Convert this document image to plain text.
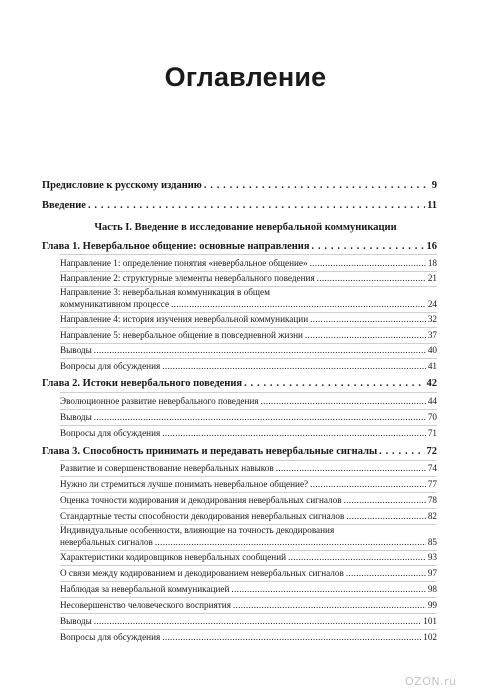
Оглавление
Предисловие к русскому изданию . . .	9
Введение . . .	11
Часть I. Введение в исследование невербальной коммуникации
Глава 1. Невербальное общение: основные направления . . .	16
Направление 1: определение понятия «невербальное общение» .....	18
Направление 2: структурные элементы невербального поведения .....	21
Направление 3: невербальная коммуникация в общем
коммуникативном процессе .....	24
Направление 4: история изучения невербальной коммуникации .....	32
Направление 5: невербальное общение в повседневной жизни .....	37
Выводы .....	40
Вопросы для обсуждения .....	41
Глава 2. Истоки невербального поведения . . .	42
Эволюционное развитие невербального поведения .....	44
Выводы .....	70
Вопросы для обсуждения .....	71
Глава 3. Способность принимать и передавать невербальные сигналы . . .	72
Развитие и совершенствование невербальных навыков .....	74
Нужно ли стремиться лучше понимать невербальное общение? .....	77
Оценка точности кодирования и декодирования невербальных сигналов .....	78
Стандартные тесты способности декодирования невербальных сигналов .....	82
Индивидуальные особенности, влияющие на точность декодирования
невербальных сигналов .....	85
Характеристики кодировщиков невербальных сообщений .....	93
О связи между кодированием и декодированием невербальных сигналов .....	97
Наблюдая за невербальной коммуникацией .....	98
Несовершенство человеческого восприятия .....	99
Выводы .....	101
Вопросы для обсуждения .....	102
OZON.ru
